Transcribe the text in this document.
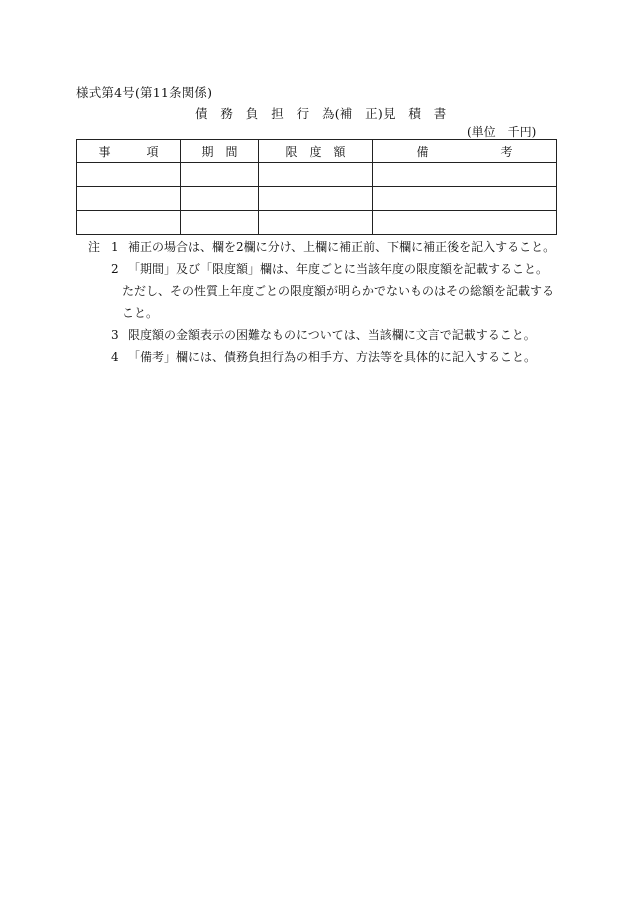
様式第4号(第11条関係)
債　務　負　担　行　為(補　正)見　積　書
(単位　千円)
事　　　項	期　間	限　度　額	備　　　　　　考

注 1 補正の場合は、欄を2欄に分け、上欄に補正前、下欄に補正後を記入すること。
2 「期間」及び「限度額」欄は、年度ごとに当該年度の限度額を記載すること。
ただし、その性質上年度ごとの限度額が明らかでないものはその総額を記載する
こと。
3 限度額の金額表示の困難なものについては、当該欄に文言で記載すること。
4 「備考」欄には、債務負担行為の相手方、方法等を具体的に記入すること。
